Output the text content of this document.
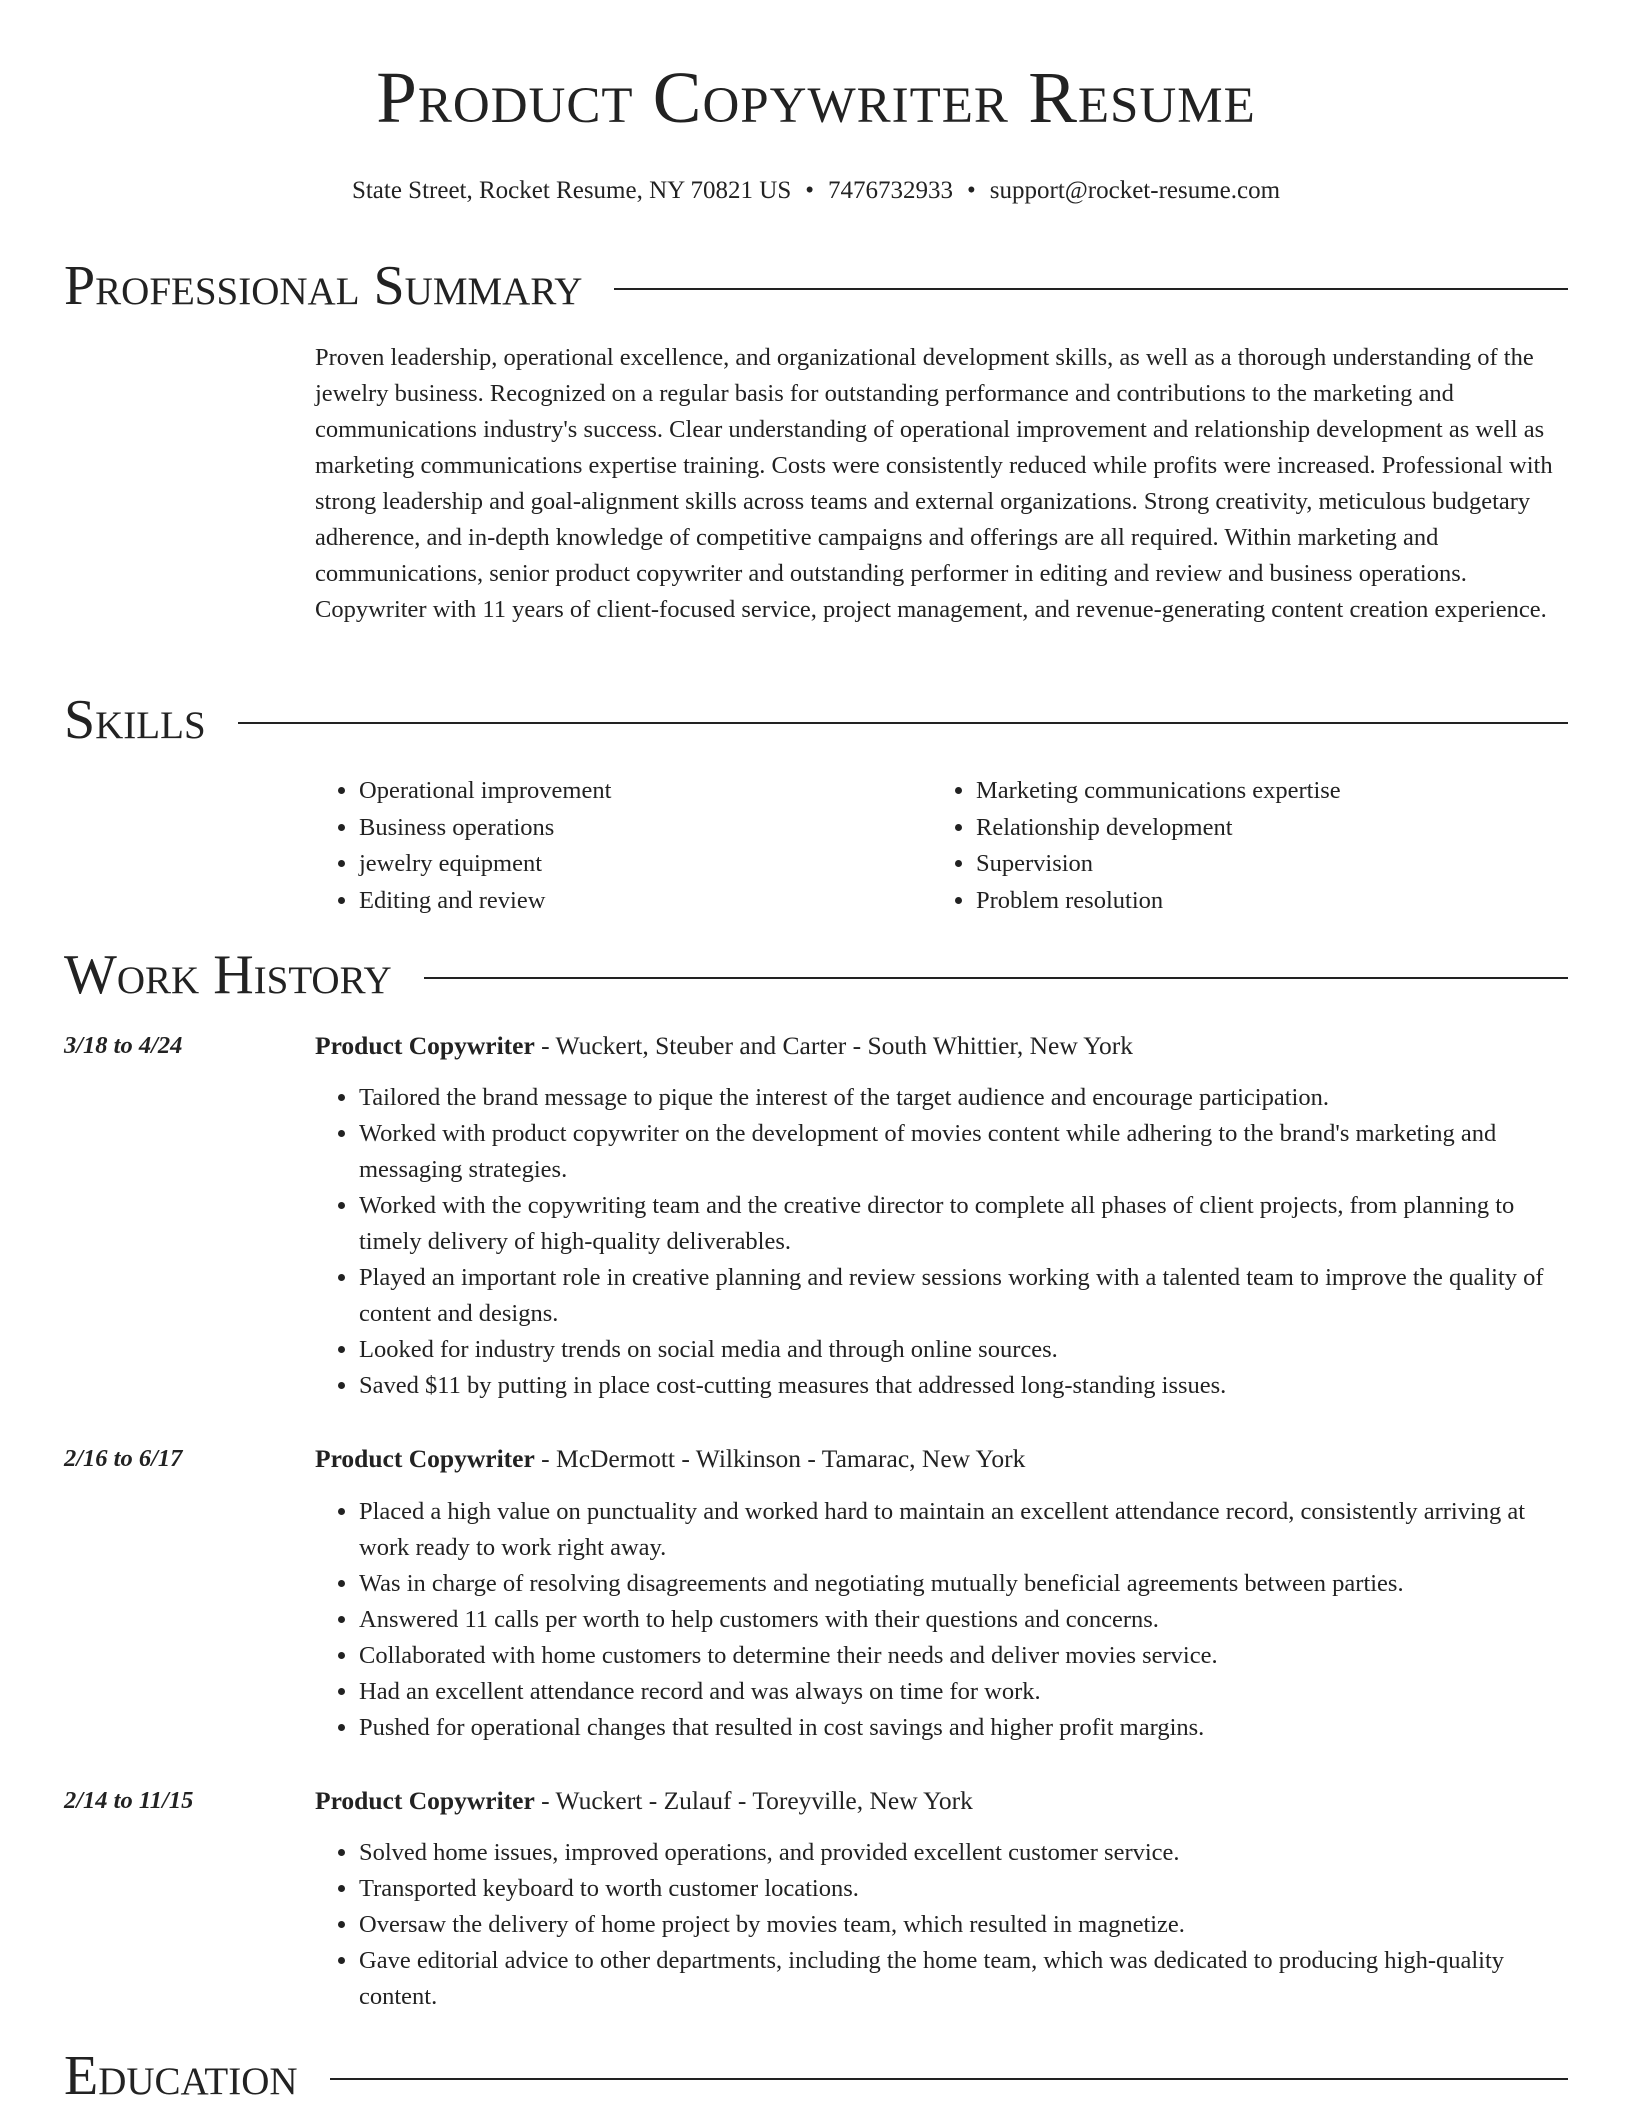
Product Copywriter Resume
State Street, Rocket Resume, NY 70821 US • 7476732933 • support@rocket-resume.com
Professional Summary

Proven leadership, operational excellence, and organizational development skills, as well as a thorough understanding of the jewelry business. Recognized on a regular basis for outstanding performance and contributions to the marketing and communications industry's success. Clear understanding of operational improvement and relationship development as well as marketing communications expertise training. Costs were consistently reduced while profits were increased. Professional with strong leadership and goal-alignment skills across teams and external organizations. Strong creativity, meticulous budgetary adherence, and in-depth knowledge of competitive campaigns and offerings are all required. Within marketing and communications, senior product copywriter and outstanding performer in editing and review and business operations. Copywriter with 11 years of client-focused service, project management, and revenue-generating content creation experience.

Skills
• Operational improvement
• Business operations
• jewelry equipment
• Editing and review
• Marketing communications expertise
• Relationship development
• Supervision
• Problem resolution
Work History
3/18 to 4/24	Product Copywriter - Wuckert, Steuber and Carter - South Whittier, New York
• Tailored the brand message to pique the interest of the target audience and encourage participation.
• Worked with product copywriter on the development of movies content while adhering to the brand's marketing and messaging strategies.
• Worked with the copywriting team and the creative director to complete all phases of client projects, from planning to timely delivery of high-quality deliverables.
• Played an important role in creative planning and review sessions working with a talented team to improve the quality of content and designs.
• Looked for industry trends on social media and through online sources.
• Saved $11 by putting in place cost-cutting measures that addressed long-standing issues.
2/16 to 6/17	Product Copywriter - McDermott - Wilkinson - Tamarac, New York
• Placed a high value on punctuality and worked hard to maintain an excellent attendance record, consistently arriving at work ready to work right away.
• Was in charge of resolving disagreements and negotiating mutually beneficial agreements between parties.
• Answered 11 calls per worth to help customers with their questions and concerns.
• Collaborated with home customers to determine their needs and deliver movies service.
• Had an excellent attendance record and was always on time for work.
• Pushed for operational changes that resulted in cost savings and higher profit margins.
2/14 to 11/15	Product Copywriter - Wuckert - Zulauf - Toreyville, New York
• Solved home issues, improved operations, and provided excellent customer service.
• Transported keyboard to worth customer locations.
• Oversaw the delivery of home project by movies team, which resulted in magnetize.
• Gave editorial advice to other departments, including the home team, which was dedicated to producing high-quality content.
Education
